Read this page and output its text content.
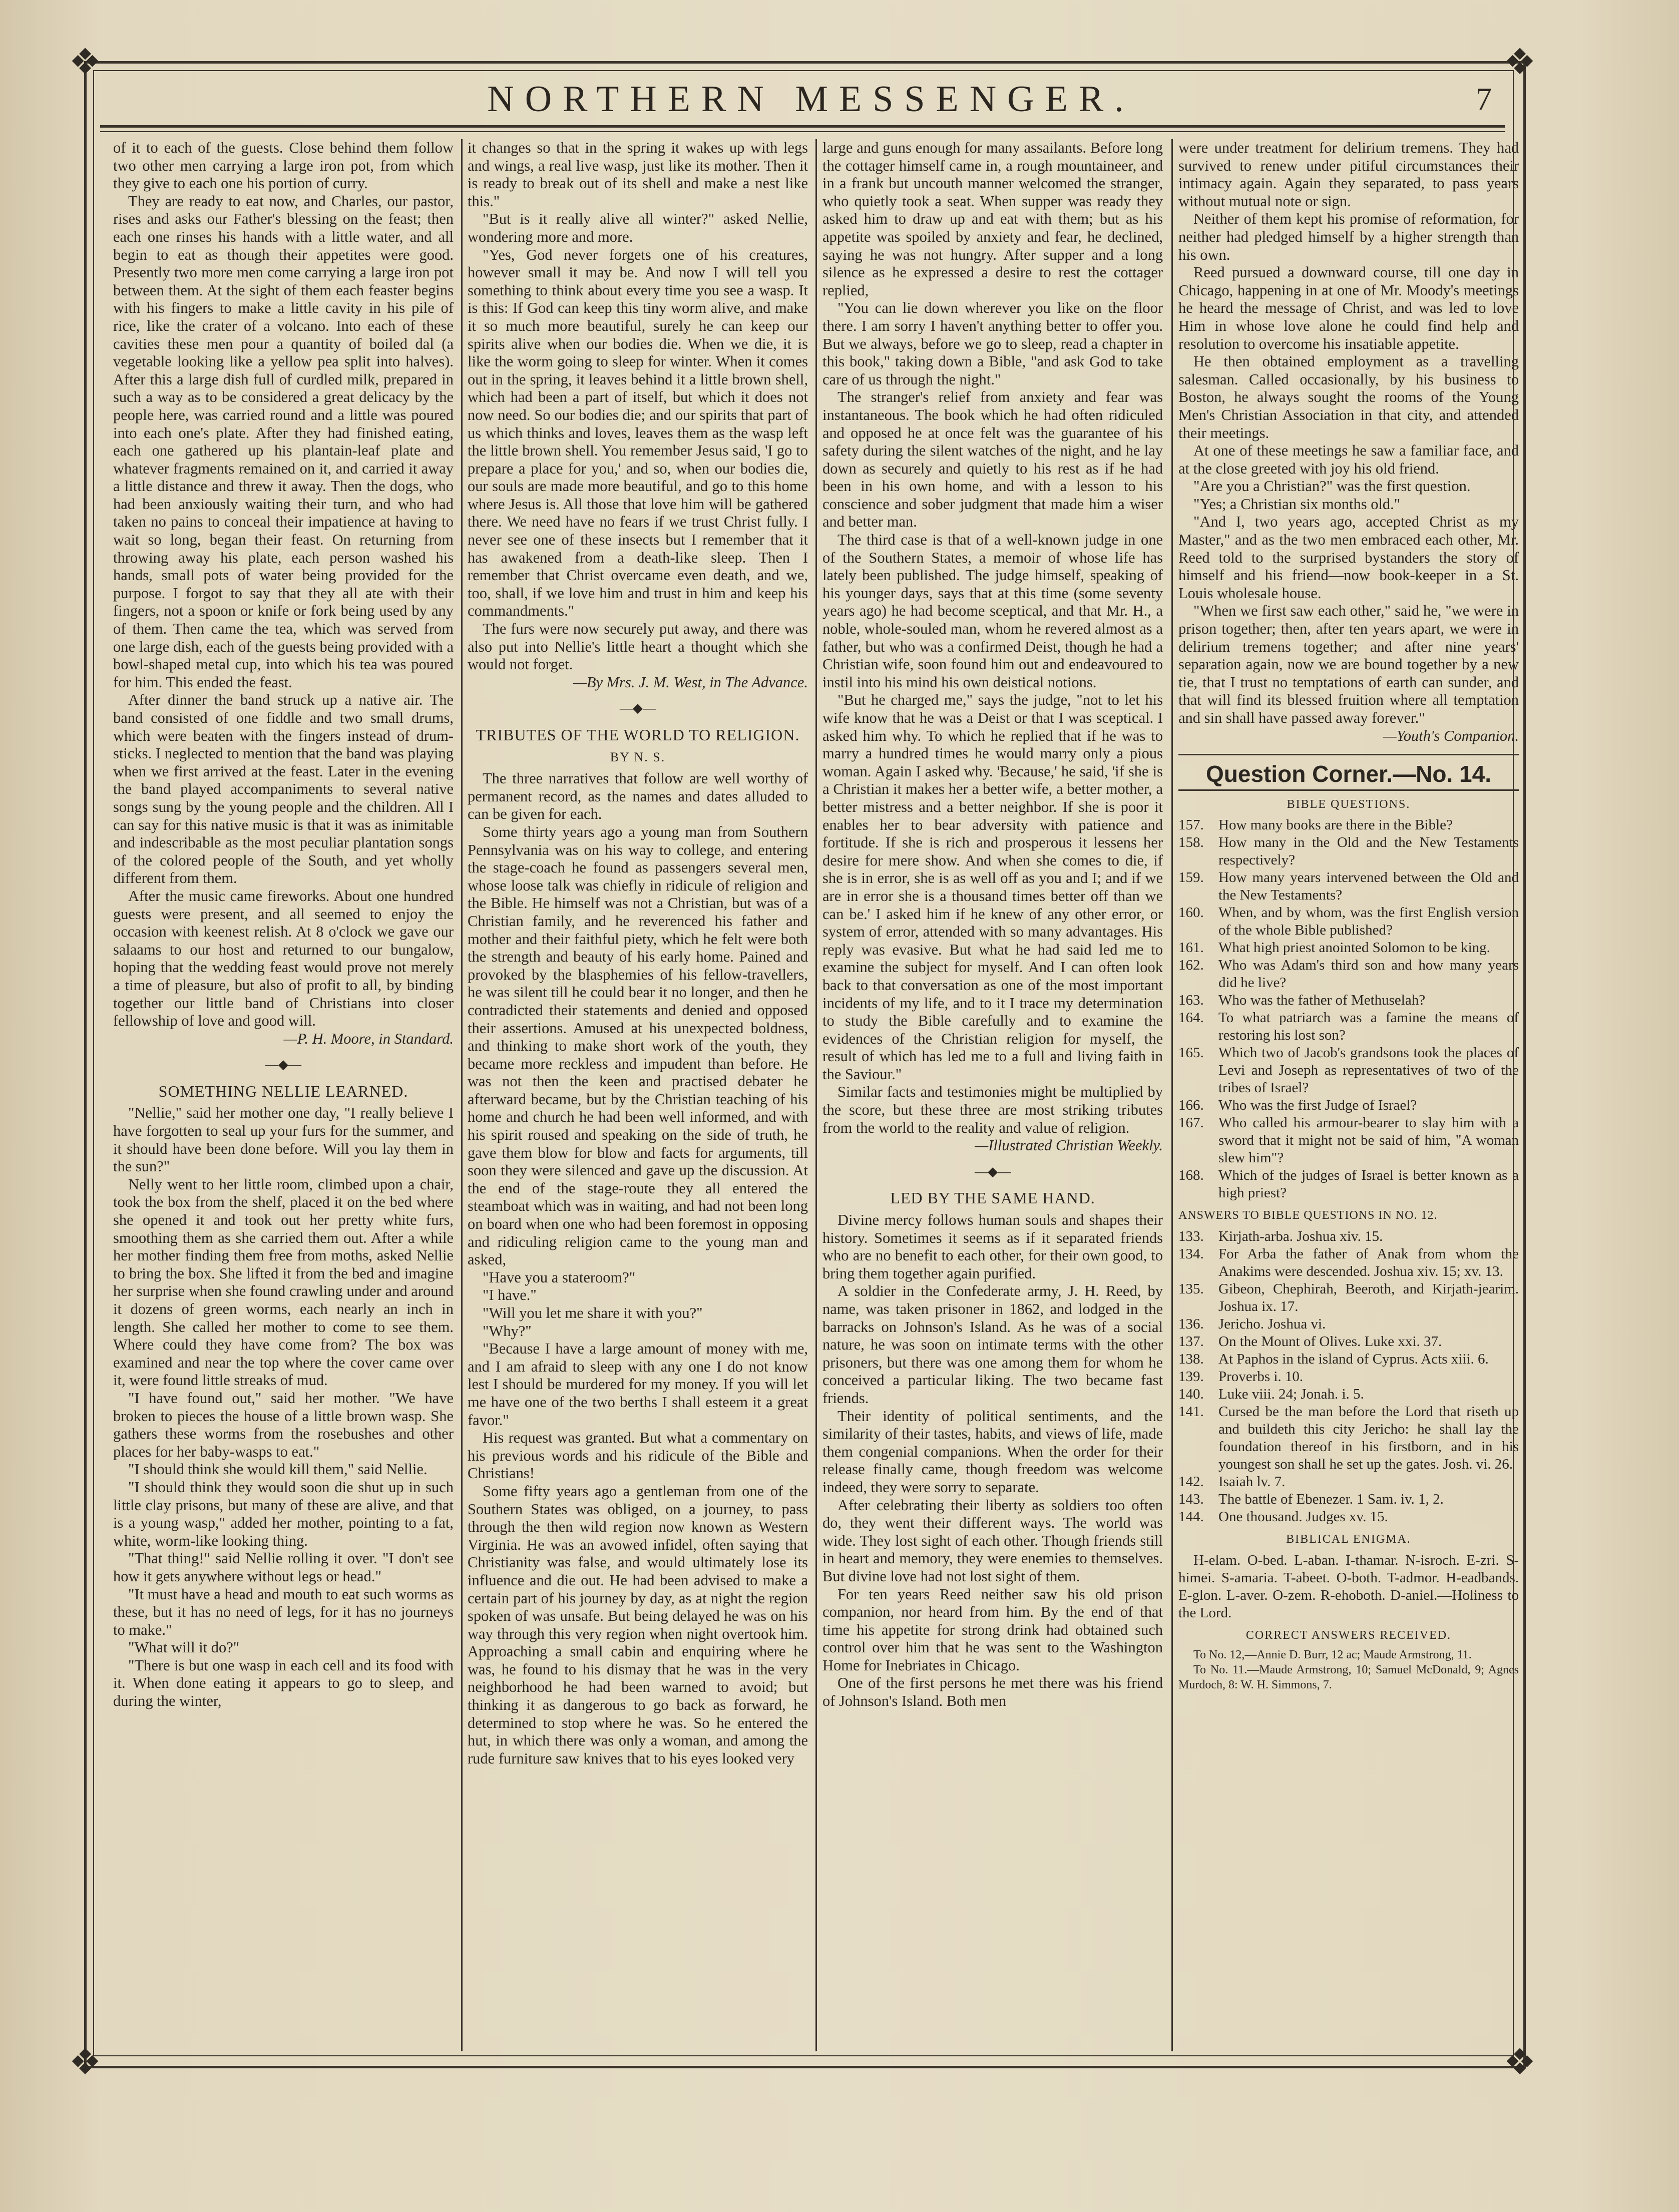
❖	❖
❖	❖
NORTHERN MESSENGER.	7

of it to each of the guests. Close behind them follow two other men carrying a large iron pot, from which they give to each one his portion of curry.

They are ready to eat now, and Charles, our pastor, rises and asks our Father's blessing on the feast; then each one rinses his hands with a little water, and all begin to eat as though their appetites were good. Presently two more men come carrying a large iron pot between them. At the sight of them each feaster begins with his fingers to make a little cavity in his pile of rice, like the crater of a volcano. Into each of these cavities these men pour a quantity of boiled dal (a vegetable looking like a yellow pea split into halves). After this a large dish full of curdled milk, prepared in such a way as to be considered a great delicacy by the people here, was carried round and a little was poured into each one's plate. After they had finished eating, each one gathered up his plantain-leaf plate and whatever fragments remained on it, and carried it away a little distance and threw it away. Then the dogs, who had been anxiously waiting their turn, and who had taken no pains to conceal their impatience at having to wait so long, began their feast. On returning from throwing away his plate, each person washed his hands, small pots of water being provided for the purpose. I forgot to say that they all ate with their fingers, not a spoon or knife or fork being used by any of them. Then came the tea, which was served from one large dish, each of the guests being provided with a bowl-shaped metal cup, into which his tea was poured for him. This ended the feast.

After dinner the band struck up a native air. The band consisted of one fiddle and two small drums, which were beaten with the fingers instead of drum-sticks. I neglected to mention that the band was playing when we first arrived at the feast. Later in the evening the band played accompaniments to several native songs sung by the young people and the children. All I can say for this native music is that it was as inimitable and indescribable as the most peculiar plantation songs of the colored people of the South, and yet wholly different from them.

After the music came fireworks. About one hundred guests were present, and all seemed to enjoy the occasion with keenest relish. At 8 o'clock we gave our salaams to our host and returned to our bungalow, hoping that the wedding feast would prove not merely a time of pleasure, but also of profit to all, by binding together our little band of Christians into closer fellowship of love and good will.

—P. H. Moore, in Standard.

—◆—
SOMETHING NELLIE LEARNED.

"Nellie," said her mother one day, "I really believe I have forgotten to seal up your furs for the summer, and it should have been done before. Will you lay them in the sun?"

Nelly went to her little room, climbed upon a chair, took the box from the shelf, placed it on the bed where she opened it and took out her pretty white furs, smoothing them as she carried them out. After a while her mother finding them free from moths, asked Nellie to bring the box. She lifted it from the bed and imagine her surprise when she found crawling under and around it dozens of green worms, each nearly an inch in length. She called her mother to come to see them. Where could they have come from? The box was examined and near the top where the cover came over it, were found little streaks of mud.

"I have found out," said her mother. "We have broken to pieces the house of a little brown wasp. She gathers these worms from the rosebushes and other places for her baby-wasps to eat."

"I should think she would kill them," said Nellie.

"I should think they would soon die shut up in such little clay prisons, but many of these are alive, and that is a young wasp," added her mother, pointing to a fat, white, worm-like looking thing.

"That thing!" said Nellie rolling it over. "I don't see how it gets anywhere without legs or head."

"It must have a head and mouth to eat such worms as these, but it has no need of legs, for it has no journeys to make."

"What will it do?"

"There is but one wasp in each cell and its food with it. When done eating it appears to go to sleep, and during the winter,

it changes so that in the spring it wakes up with legs and wings, a real live wasp, just like its mother. Then it is ready to break out of its shell and make a nest like this."

"But is it really alive all winter?" asked Nellie, wondering more and more.

"Yes, God never forgets one of his creatures, however small it may be. And now I will tell you something to think about every time you see a wasp. It is this: If God can keep this tiny worm alive, and make it so much more beautiful, surely he can keep our spirits alive when our bodies die. When we die, it is like the worm going to sleep for winter. When it comes out in the spring, it leaves behind it a little brown shell, which had been a part of itself, but which it does not now need. So our bodies die; and our spirits that part of us which thinks and loves, leaves them as the wasp left the little brown shell. You remember Jesus said, 'I go to prepare a place for you,' and so, when our bodies die, our souls are made more beautiful, and go to this home where Jesus is. All those that love him will be gathered there. We need have no fears if we trust Christ fully. I never see one of these insects but I remember that it has awakened from a death-like sleep. Then I remember that Christ overcame even death, and we, too, shall, if we love him and trust in him and keep his commandments."

The furs were now securely put away, and there was also put into Nellie's little heart a thought which she would not forget.

—By Mrs. J. M. West, in The Advance.

—◆—
TRIBUTES OF THE WORLD TO RELIGION.
BY N. S.

The three narratives that follow are well worthy of permanent record, as the names and dates alluded to can be given for each.

Some thirty years ago a young man from Southern Pennsylvania was on his way to college, and entering the stage-coach he found as passengers several men, whose loose talk was chiefly in ridicule of religion and the Bible. He himself was not a Christian, but was of a Christian family, and he reverenced his father and mother and their faithful piety, which he felt were both the strength and beauty of his early home. Pained and provoked by the blasphemies of his fellow-travellers, he was silent till he could bear it no longer, and then he contradicted their statements and denied and opposed their assertions. Amused at his unexpected boldness, and thinking to make short work of the youth, they became more reckless and impudent than before. He was not then the keen and practised debater he afterward became, but by the Christian teaching of his home and church he had been well informed, and with his spirit roused and speaking on the side of truth, he gave them blow for blow and facts for arguments, till soon they were silenced and gave up the discussion. At the end of the stage-route they all entered the steamboat which was in waiting, and had not been long on board when one who had been foremost in opposing and ridiculing religion came to the young man and asked,

"Have you a stateroom?"

"I have."

"Will you let me share it with you?"

"Why?"

"Because I have a large amount of money with me, and I am afraid to sleep with any one I do not know lest I should be murdered for my money. If you will let me have one of the two berths I shall esteem it a great favor."

His request was granted. But what a commentary on his previous words and his ridicule of the Bible and Christians!

Some fifty years ago a gentleman from one of the Southern States was obliged, on a journey, to pass through the then wild region now known as Western Virginia. He was an avowed infidel, often saying that Christianity was false, and would ultimately lose its influence and die out. He had been advised to make a certain part of his journey by day, as at night the region spoken of was unsafe. But being delayed he was on his way through this very region when night overtook him. Approaching a small cabin and enquiring where he was, he found to his dismay that he was in the very neighborhood he had been warned to avoid; but thinking it as dangerous to go back as forward, he determined to stop where he was. So he entered the hut, in which there was only a woman, and among the rude furniture saw knives that to his eyes looked very

large and guns enough for many assailants. Before long the cottager himself came in, a rough mountaineer, and in a frank but uncouth manner welcomed the stranger, who quietly took a seat. When supper was ready they asked him to draw up and eat with them; but as his appetite was spoiled by anxiety and fear, he declined, saying he was not hungry. After supper and a long silence as he expressed a desire to rest the cottager replied,

"You can lie down wherever you like on the floor there. I am sorry I haven't anything better to offer you. But we always, before we go to sleep, read a chapter in this book," taking down a Bible, "and ask God to take care of us through the night."

The stranger's relief from anxiety and fear was instantaneous. The book which he had often ridiculed and opposed he at once felt was the guarantee of his safety during the silent watches of the night, and he lay down as securely and quietly to his rest as if he had been in his own home, and with a lesson to his conscience and sober judgment that made him a wiser and better man.

The third case is that of a well-known judge in one of the Southern States, a memoir of whose life has lately been published. The judge himself, speaking of his younger days, says that at this time (some seventy years ago) he had become sceptical, and that Mr. H., a noble, whole-souled man, whom he revered almost as a father, but who was a confirmed Deist, though he had a Christian wife, soon found him out and endeavoured to instil into his mind his own deistical notions.

"But he charged me," says the judge, "not to let his wife know that he was a Deist or that I was sceptical. I asked him why. To which he replied that if he was to marry a hundred times he would marry only a pious woman. Again I asked why. 'Because,' he said, 'if she is a Christian it makes her a better wife, a better mother, a better mistress and a better neighbor. If she is poor it enables her to bear adversity with patience and fortitude. If she is rich and prosperous it lessens her desire for mere show. And when she comes to die, if she is in error, she is as well off as you and I; and if we are in error she is a thousand times better off than we can be.' I asked him if he knew of any other error, or system of error, attended with so many advantages. His reply was evasive. But what he had said led me to examine the subject for myself. And I can often look back to that conversation as one of the most important incidents of my life, and to it I trace my determination to study the Bible carefully and to examine the evidences of the Christian religion for myself, the result of which has led me to a full and living faith in the Saviour."

Similar facts and testimonies might be multiplied by the score, but these three are most striking tributes from the world to the reality and value of religion.

—Illustrated Christian Weekly.

—◆—
LED BY THE SAME HAND.

Divine mercy follows human souls and shapes their history. Sometimes it seems as if it separated friends who are no benefit to each other, for their own good, to bring them together again purified.

A soldier in the Confederate army, J. H. Reed, by name, was taken prisoner in 1862, and lodged in the barracks on Johnson's Island. As he was of a social nature, he was soon on intimate terms with the other prisoners, but there was one among them for whom he conceived a particular liking. The two became fast friends.

Their identity of political sentiments, and the similarity of their tastes, habits, and views of life, made them congenial companions. When the order for their release finally came, though freedom was welcome indeed, they were sorry to separate.

After celebrating their liberty as soldiers too often do, they went their different ways. The world was wide. They lost sight of each other. Though friends still in heart and memory, they were enemies to themselves. But divine love had not lost sight of them.

For ten years Reed neither saw his old prison companion, nor heard from him. By the end of that time his appetite for strong drink had obtained such control over him that he was sent to the Washington Home for Inebriates in Chicago.

One of the first persons he met there was his friend of Johnson's Island. Both men

were under treatment for delirium tremens. They had survived to renew under pitiful circumstances their intimacy again. Again they separated, to pass years without mutual note or sign.

Neither of them kept his promise of reformation, for neither had pledged himself by a higher strength than his own.

Reed pursued a downward course, till one day in Chicago, happening in at one of Mr. Moody's meetings he heard the message of Christ, and was led to love Him in whose love alone he could find help and resolution to overcome his insatiable appetite.

He then obtained employment as a travelling salesman. Called occasionally, by his business to Boston, he always sought the rooms of the Young Men's Christian Association in that city, and attended their meetings.

At one of these meetings he saw a familiar face, and at the close greeted with joy his old friend.

"Are you a Christian?" was the first question.

"Yes; a Christian six months old."

"And I, two years ago, accepted Christ as my Master," and as the two men embraced each other, Mr. Reed told to the surprised bystanders the story of himself and his friend—now book-keeper in a St. Louis wholesale house.

"When we first saw each other," said he, "we were in prison together; then, after ten years apart, we were in delirium tremens together; and after nine years' separation again, now we are bound together by a new tie, that I trust no temptations of earth can sunder, and that will find its blessed fruition where all temptation and sin shall have passed away forever."

—Youth's Companion.

Question Corner.—No. 14.
BIBLE QUESTIONS.
157.	How many books are there in the Bible?
158.	How many in the Old and the New Testaments respectively?
159.	How many years intervened between the Old and the New Testaments?
160.	When, and by whom, was the first English version of the whole Bible published?
161.	What high priest anointed Solomon to be king.
162.	Who was Adam's third son and how many years did he live?
163.	Who was the father of Methuselah?
164.	To what patriarch was a famine the means of restoring his lost son?
165.	Which two of Jacob's grandsons took the places of Levi and Joseph as representatives of two of the tribes of Israel?
166.	Who was the first Judge of Israel?
167.	Who called his armour-bearer to slay him with a sword that it might not be said of him, "A woman slew him"?
168.	Which of the judges of Israel is better known as a high priest?
ANSWERS TO BIBLE QUESTIONS IN NO. 12.
133.	Kirjath-arba. Joshua xiv. 15.
134.	For Arba the father of Anak from whom the Anakims were descended. Joshua xiv. 15; xv. 13.
135.	Gibeon, Chephirah, Beeroth, and Kirjath-jearim. Joshua ix. 17.
136.	Jericho. Joshua vi.
137.	On the Mount of Olives. Luke xxi. 37.
138.	At Paphos in the island of Cyprus. Acts xiii. 6.
139.	Proverbs i. 10.
140.	Luke viii. 24; Jonah. i. 5.
141.	Cursed be the man before the Lord that riseth up and buildeth this city Jericho: he shall lay the foundation thereof in his firstborn, and in his youngest son shall he set up the gates. Josh. vi. 26.
142.	Isaiah lv. 7.
143.	The battle of Ebenezer. 1 Sam. iv. 1, 2.
144.	One thousand. Judges xv. 15.
BIBLICAL ENIGMA.

H-elam. O-bed. L-aban. I-thamar. N-isroch. E-zri. S-himei. S-amaria. T-abeet. O-both. T-admor. H-eadbands. E-glon. L-aver. O-zem. R-ehoboth. D-aniel.—Holiness to the Lord.

CORRECT ANSWERS RECEIVED.

To No. 12,—Annie D. Burr, 12 ac; Maude Armstrong, 11.

To No. 11.—Maude Armstrong, 10; Samuel McDonald, 9; Agnes Murdoch, 8: W. H. Simmons, 7.
